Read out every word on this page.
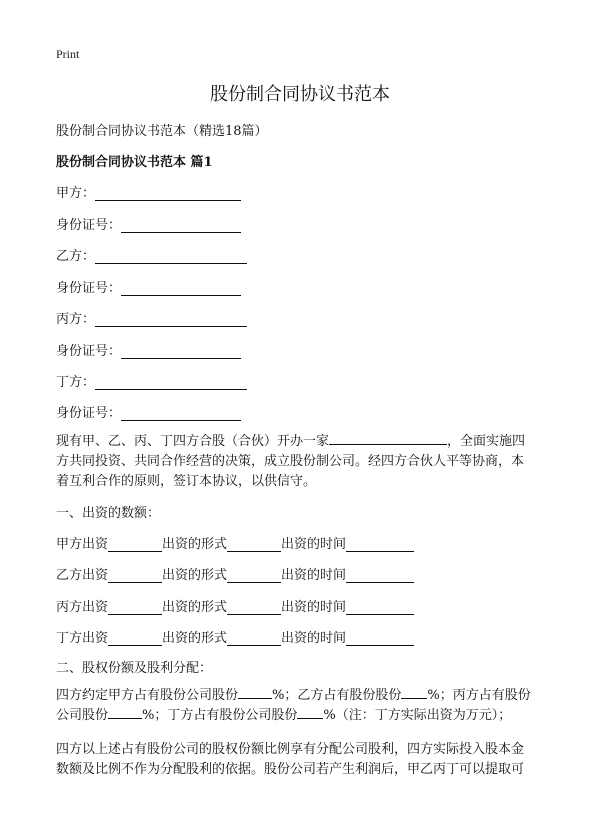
Print
股份制合同协议书范本
股份制合同协议书范本（精选18篇）
股份制合同协议书范本 篇1
甲方：
身份证号：
乙方：
身份证号：
丙方：
身份证号：
丁方：
身份证号：
现有甲、乙、丙、丁四方合股（合伙）开办一家	，全面实施四
方共同投资、共同合作经营的决策，成立股份制公司。经四方合伙人平等协商，本
着互利合作的原则，签订本协议，以供信守。
一、出资的数额：
甲方出资	出资的形式	出资的时间
乙方出资	出资的形式	出资的时间
丙方出资	出资的形式	出资的时间
丁方出资	出资的形式	出资的时间
二、股权份额及股利分配：
四方约定甲方占有股份公司股份	%；乙方占有股份股份 %；丙方占有股份
公司股份	%；丁方占有股份公司股份 %（注：丁方实际出资为万元）；
四方以上述占有股份公司的股权份额比例享有分配公司股利，四方实际投入股本金
数额及比例不作为分配股利的依据。股份公司若产生利润后，甲乙丙丁可以提取可
